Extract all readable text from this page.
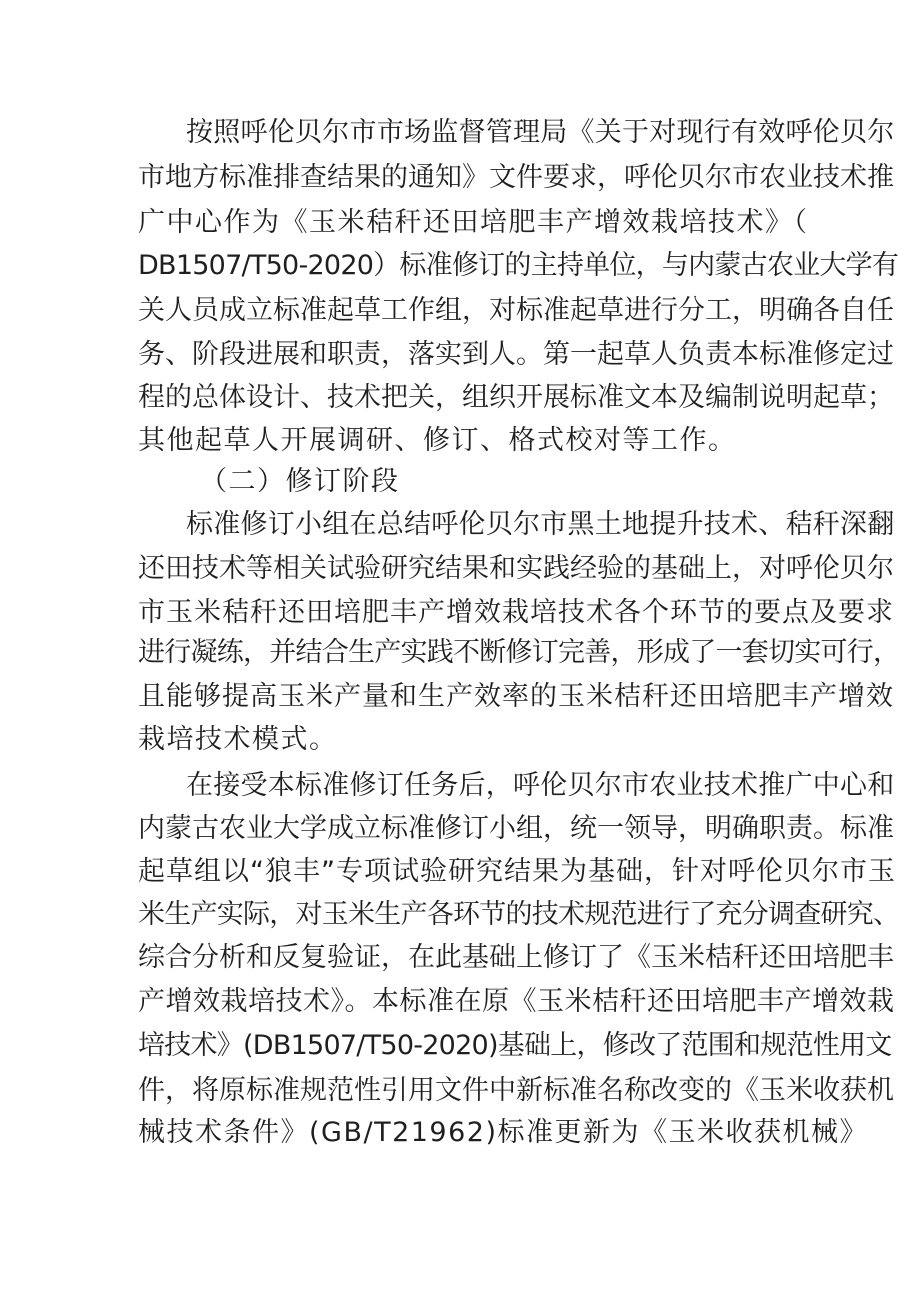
按照呼伦贝尔市市场监督管理局《关于对现行有效呼伦贝尔
市地方标准排查结果的通知》文件要求，呼伦贝尔市农业技术推
广中心作为《玉米秸秆还田培肥丰产增效栽培技术》（
DB1507/T50-2020）标准修订的主持单位，与内蒙古农业大学有
关人员成立标准起草工作组，对标准起草进行分工，明确各自任
务、阶段进展和职责，落实到人。第一起草人负责本标准修定过
程的总体设计、技术把关，组织开展标准文本及编制说明起草；
其他起草人开展调研、修订、格式校对等工作。
（二）修订阶段
标准修订小组在总结呼伦贝尔市黑土地提升技术、秸秆深翻
还田技术等相关试验研究结果和实践经验的基础上，对呼伦贝尔
市玉米秸秆还田培肥丰产增效栽培技术各个环节的要点及要求
进行凝练，并结合生产实践不断修订完善，形成了一套切实可行，
且能够提高玉米产量和生产效率的玉米桔秆还田培肥丰产增效
栽培技术模式。
在接受本标准修订任务后，呼伦贝尔市农业技术推广中心和
内蒙古农业大学成立标准修订小组，统一领导，明确职责。标准
起草组以“狼丰”专项试验研究结果为基础，针对呼伦贝尔市玉
米生产实际，对玉米生产各环节的技术规范进行了充分调查研究、
综合分析和反复验证，在此基础上修订了《玉米桔秆还田培肥丰
产增效栽培技术》。本标准在原《玉米桔秆还田培肥丰产增效栽
培技术》(DB1507/T50-2020)基础上，修改了范围和规范性用文
件，将原标准规范性引用文件中新标准名称改变的《玉米收获机
械技术条件》(GB/T21962)标准更新为《玉米收获机械》
